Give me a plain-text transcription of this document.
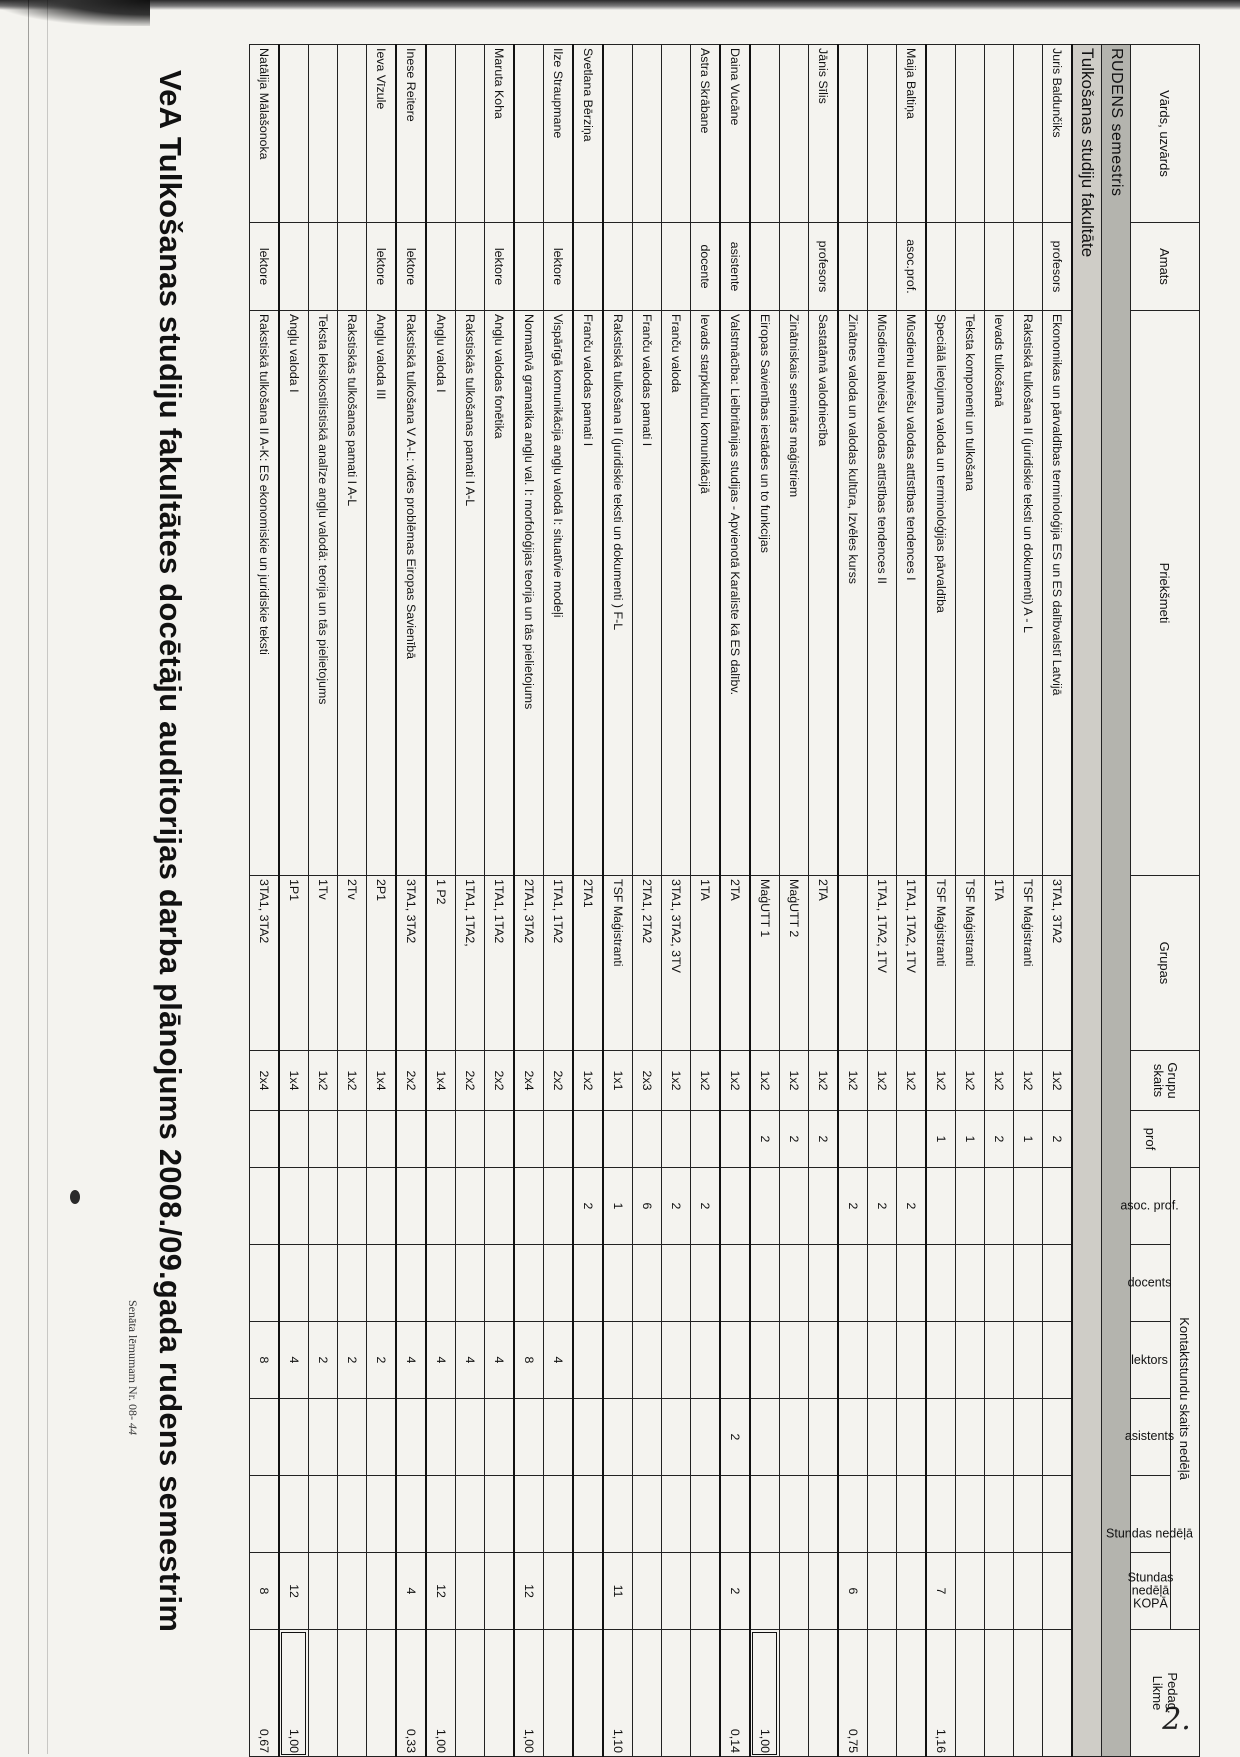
VeA Tulkošanas studiju fakultātes docētāju auditorijas darba plānojums 2008./09.gada rudens semestrim
Senāta lēmumam Nr. 08- 44
2.
Vārds, uzvārds	Amats	Priekšmeti	Grupas	Grupu skaits		Kontaktstundu skaits nedēļā						Pedag.
Likme

					prof	asoc. prof.	docents	lektors	asistents	Stundas nedēļā	Stundas
nedēļā
KOPĀ	

RUDENS semestris												
Tulkošanas studiju fakultāte												
Juris Baldunčiks	profesors	Ekonomikas un pārvaldības terminoloģija ES un ES dalībvalstī Latvijā	3TA1, 3TA2	1x2	2							
		Rakstiskā tulkošana II (juridiskie teksti un dokumenti) A - L	TSF Maģistranti	1x2	1							
		Ievads tulkošanā	1TA	1x2	2							
		Teksta komponenti un tulkošana	TSF Maģistranti	1x2	1							
		Speciālā lietojuma valoda un terminoloģijas pārvaldība	TSF Maģistranti	1x2	1						7	1,16
Maija Baltiņa	asoc.prof.	Mūsdienu latviešu valodas attīstības tendences I	1TA1, 1TA2, 1TV	1x2		2						
		Mūsdienu latviešu valodas attīstības tendences II	1TA1, 1TA2, 1TV	1x2		2						
		Zinātnes valoda un valodas kultūra, Izvēles kurss		1x2		2					6	0,75
Jānis Sīlis	profesors	Sastatāmā valodniecība	2TA	1x2	2							
		Zinātniskais seminārs maģistriem	MaģUTT 2	1x2	2							
		Eiropas Savienības iestādes un to funkcijas	MaģUTT 1	1x2	2							1,00
Daina Vucāne	asistente	Valstmācība: Lielbritānijas studijas - Apvienotā Karaliste kā ES dalībv.	2TA	1x2					2		2	0,14
Astra Skrābane	docente	Ievads starpkultūru komunikācijā	1TA	1x2		2						
		Franču valoda	3TA1, 3TA2, 3TV	1x2		2						
		Franču valodas pamati I	2TA1, 2TA2	2x3		6						
		Rakstiskā tulkošana II (juridiskie teksti un dokumenti ) F-L	TSF Maģistranti	1x1		1					11	1,10
Svetlana Bērziņa		Franču valodas pamati I	2TA1	1x2		2						
Ilze Straupmane	lektore	Vispārīgā komunikācija angļu valodā I: situatīvie modeļi	1TA1, 1TA2	2x2				4				
		Normatīvā gramatika angļu val. I: morfoloģijas teorija un tās pielietojums	2TA1, 3TA2	2x4				8			12	1,00
Maruta Koha	lektore	Angļu valodas fonētika	1TA1, 1TA2	2x2				4				
		Rakstiskās tulkošanas pamati I A-L	1TA1, 1TA2,	2x2				4				
		Angļu valoda I	1 P2	1x4				4			12	1,00
Inese Reitere	lektore	Rakstiskā tulkošana V A-L: vides problēmas Eiropas Savienībā	3TA1, 3TA2	2x2				4			4	0,33
Ieva Vīzule	lektore	Angļu valoda III	2P1	1x4				2				
		Rakstiskās tulkošanas pamati I A-L	2Tv	1x2				2				
		Teksta leksikostilistiskā analīze angļu valodā: teorija un tās pielietojums	1Tv	1x2				2				
		Angļu valoda I	1P1	1x4				4			12	1,00
Natālija Mālašonoka	lektore	Rakstiskā tulkošana II A-K: ES ekonomiskie un juridiskie teksti	3TA1, 3TA2	2x4				8			8	0,67
